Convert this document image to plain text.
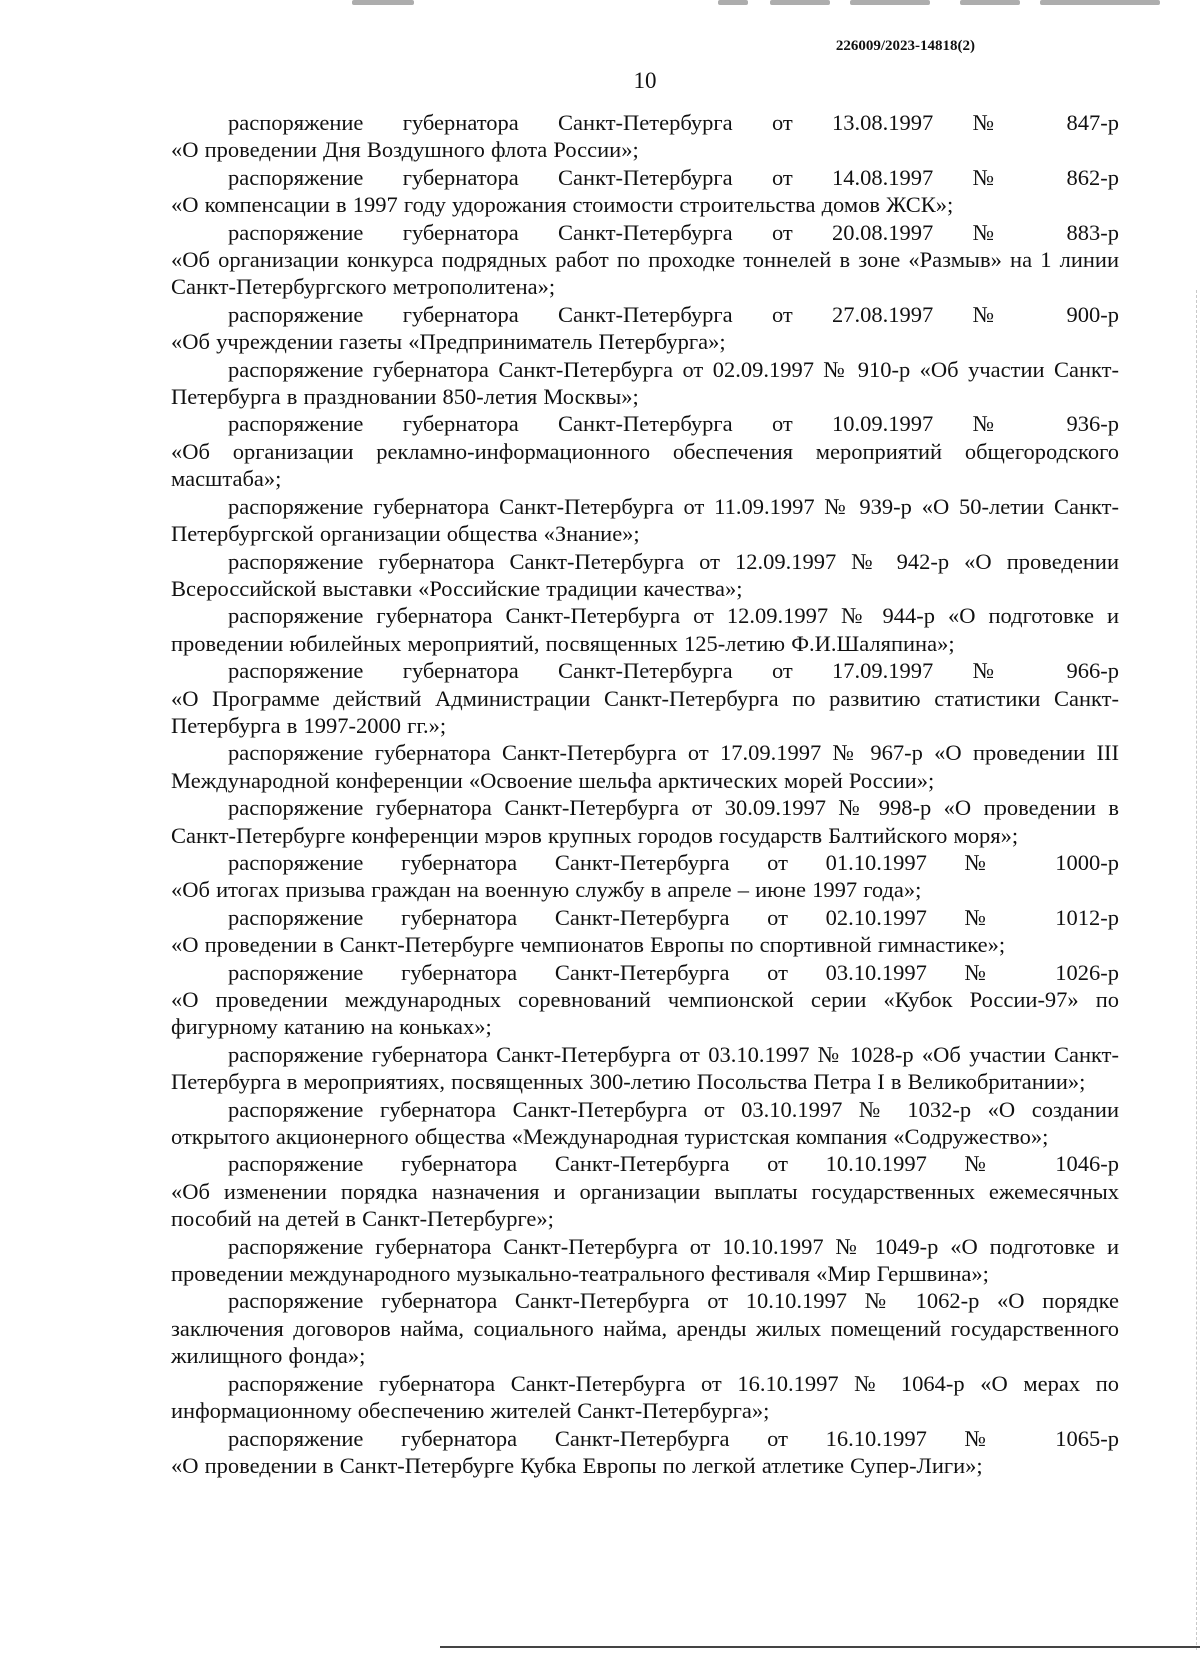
226009/2023-14818(2)
10

распоряжение губернатора Санкт-Петербурга от 13.08.1997 № 847-р
«О проведении Дня Воздушного флота России»;

распоряжение губернатора Санкт-Петербурга от 14.08.1997 № 862-р
«О компенсации в 1997 году удорожания стоимости строительства домов ЖСК»;

распоряжение губернатора Санкт-Петербурга от 20.08.1997 № 883-р
«Об организации конкурса подрядных работ по проходке тоннелей в зоне «Размыв» на 1 линии Санкт-Петербургского метрополитена»;

распоряжение губернатора Санкт-Петербурга от 27.08.1997 № 900-р
«Об учреждении газеты «Предприниматель Петербурга»;

распоряжение губернатора Санкт-Петербурга от 02.09.1997 № 910-р «Об участии Санкт-Петербурга в праздновании 850-летия Москвы»;

распоряжение губернатора Санкт-Петербурга от 10.09.1997 № 936-р
«Об организации рекламно-информационного обеспечения мероприятий общегородского масштаба»;

распоряжение губернатора Санкт-Петербурга от 11.09.1997 № 939-р «О 50-летии Санкт-Петербургской организации общества «Знание»;

распоряжение губернатора Санкт-Петербурга от 12.09.1997 № 942-р «О проведении Всероссийской выставки «Российские традиции качества»;

распоряжение губернатора Санкт-Петербурга от 12.09.1997 № 944-р «О подготовке и проведении юбилейных мероприятий, посвященных 125-летию Ф.И.Шаляпина»;

распоряжение губернатора Санкт-Петербурга от 17.09.1997 № 966-р
«О Программе действий Администрации Санкт-Петербурга по развитию статистики Санкт-Петербурга в 1997-2000 гг.»;

распоряжение губернатора Санкт-Петербурга от 17.09.1997 № 967-р «О проведении III Международной конференции «Освоение шельфа арктических морей России»;

распоряжение губернатора Санкт-Петербурга от 30.09.1997 № 998-р «О проведении в Санкт-Петербурге конференции мэров крупных городов государств Балтийского моря»;

распоряжение губернатора Санкт-Петербурга от 01.10.1997 № 1000-р
«Об итогах призыва граждан на военную службу в апреле – июне 1997 года»;

распоряжение губернатора Санкт-Петербурга от 02.10.1997 № 1012-р
«О проведении в Санкт-Петербурге чемпионатов Европы по спортивной гимнастике»;

распоряжение губернатора Санкт-Петербурга от 03.10.1997 № 1026-р
«О проведении международных соревнований чемпионской серии «Кубок России-97» по фигурному катанию на коньках»;

распоряжение губернатора Санкт-Петербурга от 03.10.1997 № 1028-р «Об участии Санкт-Петербурга в мероприятиях, посвященных 300-летию Посольства Петра I в Великобритании»;

распоряжение губернатора Санкт-Петербурга от 03.10.1997 № 1032-р «О создании открытого акционерного общества «Международная туристская компания «Содружество»;

распоряжение губернатора Санкт-Петербурга от 10.10.1997 № 1046-р
«Об изменении порядка назначения и организации выплаты государственных ежемесячных пособий на детей в Санкт-Петербурге»;

распоряжение губернатора Санкт-Петербурга от 10.10.1997 № 1049-р «О подготовке и проведении международного музыкально-театрального фестиваля «Мир Гершвина»;

распоряжение губернатора Санкт-Петербурга от 10.10.1997 № 1062-р «О порядке заключения договоров найма, социального найма, аренды жилых помещений государственного жилищного фонда»;

распоряжение губернатора Санкт-Петербурга от 16.10.1997 № 1064-р «О мерах по информационному обеспечению жителей Санкт-Петербурга»;

распоряжение губернатора Санкт-Петербурга от 16.10.1997 № 1065-р
«О проведении в Санкт-Петербурге Кубка Европы по легкой атлетике Супер-Лиги»;
